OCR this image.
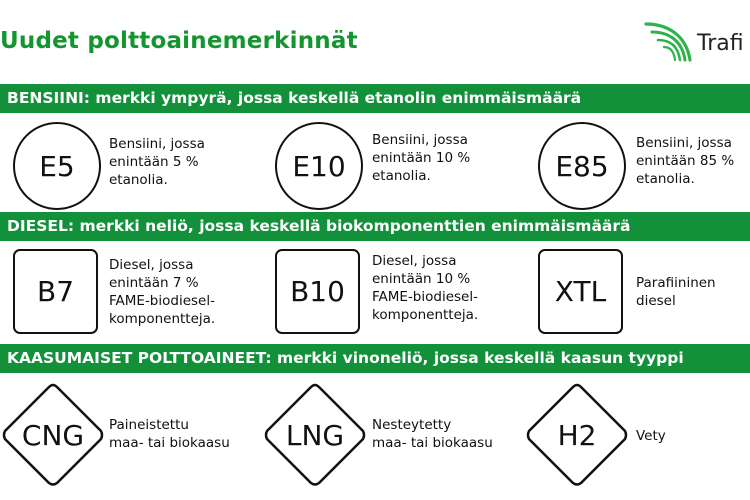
Uudet polttoainemerkinnät	Trafi
BENSIINI: merkki ympyrä, jossa keskellä etanolin enimmäismäärä
E5
Bensiini, jossa
enintään 5 %
etanolia.	E10
Bensiini, jossa
enintään 10 %
etanolia.	E85
Bensiini, jossa
enintään 85 %
etanolia.
DIESEL: merkki neliö, jossa keskellä biokomponenttien enimmäismäärä
B7
Diesel, jossa
enintään 7 %
FAME-biodiesel-
komponentteja.
B10
Diesel, jossa
enintään 10 %
FAME-biodiesel-
komponentteja.
XTL Parafiininen
diesel
KAASUMAISET POLTTOAINEET: merkki vinoneliö, jossa keskellä kaasun tyyppi
CNG Paineistettu
maa- tai biokaasu LNG Nesteytetty
maa- tai biokaasu H2	Vety
